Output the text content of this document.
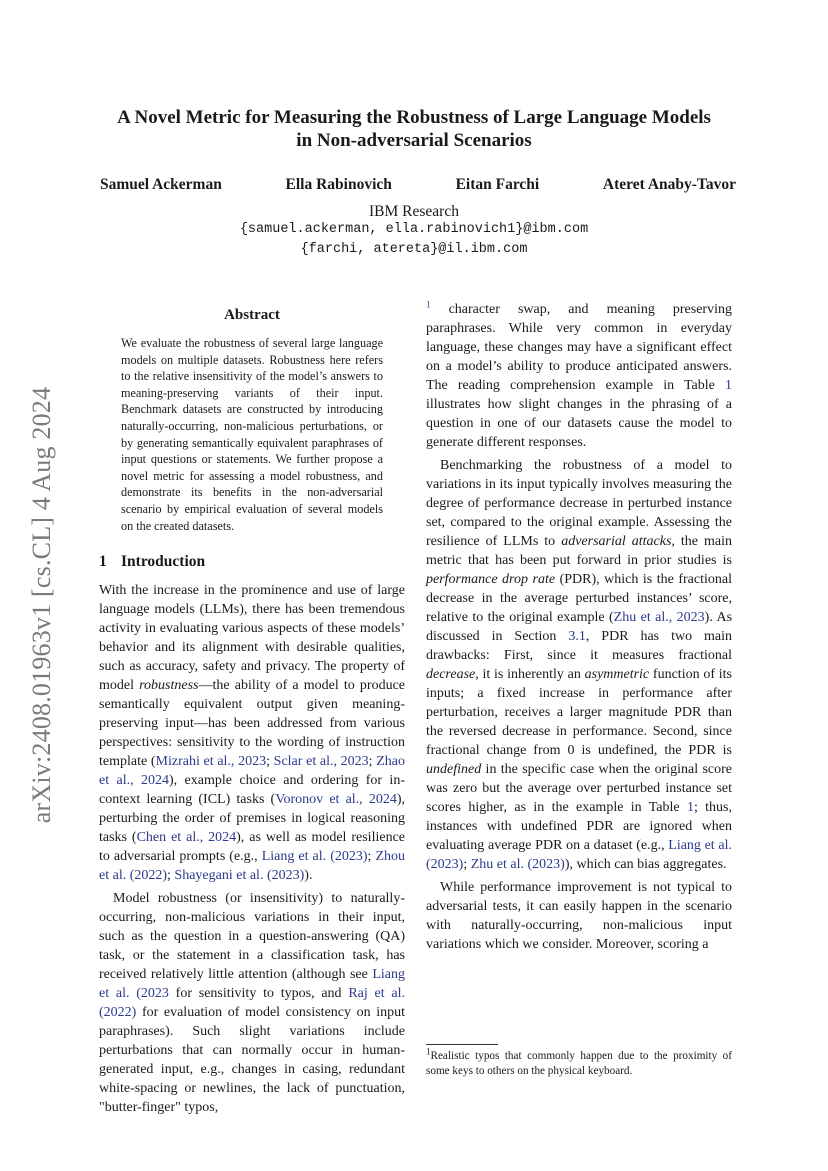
arXiv:2408.01963v1 [cs.CL] 4 Aug 2024
A Novel Metric for Measuring the Robustness of Large Language Models
in Non-adversarial Scenarios
Samuel Ackerman	Ella Rabinovich	Eitan Farchi	Ateret Anaby-Tavor
IBM Research
{samuel.ackerman, ella.rabinovich1}@ibm.com
{farchi, atereta}@il.ibm.com
Abstract

We evaluate the robustness of several large language models on multiple datasets. Robustness here refers to the relative insensitivity of the model’s answers to meaning-preserving variants of their input. Benchmark datasets are constructed by introducing naturally-occurring, non-malicious perturbations, or by generating semantically equivalent paraphrases of input questions or statements. We further propose a novel metric for assessing a model robustness, and demonstrate its benefits in the non-adversarial scenario by empirical evaluation of several models on the created datasets.

1 Introduction

With the increase in the prominence and use of large language models (LLMs), there has been tremendous activity in evaluating various aspects of these models’ behavior and its alignment with desirable qualities, such as accuracy, safety and privacy. The property of model robustness—the ability of a model to produce semantically equivalent output given meaning-preserving input—has been addressed from various perspectives: sensitivity to the wording of instruction template (Mizrahi et al., 2023; Sclar et al., 2023; Zhao et al., 2024), example choice and ordering for in-context learning (ICL) tasks (Voronov et al., 2024), perturbing the order of premises in logical reasoning tasks (Chen et al., 2024), as well as model resilience to adversarial prompts (e.g., Liang et al. (2023); Zhou et al. (2022); Shayegani et al. (2023)).

Model robustness (or insensitivity) to naturally-occurring, non-malicious variations in their input, such as the question in a question-answering (QA) task, or the statement in a classification task, has received relatively little attention (although see Liang et al. (2023 for sensitivity to typos, and Raj et al. (2022) for evaluation of model consistency on input paraphrases). Such slight variations include perturbations that can normally occur in human-generated input, e.g., changes in casing, redundant white-spacing or newlines, the lack of punctuation, "butter-finger" typos,

$^1$ character swap, and meaning preserving paraphrases. While very common in everyday language, these changes may have a significant effect on a model’s ability to produce anticipated answers. The reading comprehension example in Table 1 illustrates how slight changes in the phrasing of a question in one of our datasets cause the model to generate different responses.

Benchmarking the robustness of a model to variations in its input typically involves measuring the degree of performance decrease in perturbed instance set, compared to the original example. Assessing the resilience of LLMs to adversarial attacks, the main metric that has been put forward in prior studies is performance drop rate (PDR), which is the fractional decrease in the average perturbed instances’ score, relative to the original example (Zhu et al., 2023). As discussed in Section 3.1, PDR has two main drawbacks: First, since it measures fractional decrease, it is inherently an asymmetric function of its inputs; a fixed increase in performance after perturbation, receives a larger magnitude PDR than the reversed decrease in performance. Second, since fractional change from 0 is undefined, the PDR is undefined in the specific case when the original score was zero but the average over perturbed instance set scores higher, as in the example in Table 1; thus, instances with undefined PDR are ignored when evaluating average PDR on a dataset (e.g., Liang et al. (2023); Zhu et al. (2023)), which can bias aggregates.

While performance improvement is not typical to adversarial tests, it can easily happen in the scenario with naturally-occurring, non-malicious input variations which we consider. Moreover, scoring a

$^1$Realistic typos that commonly happen due to the proximity of some keys to others on the physical keyboard.
